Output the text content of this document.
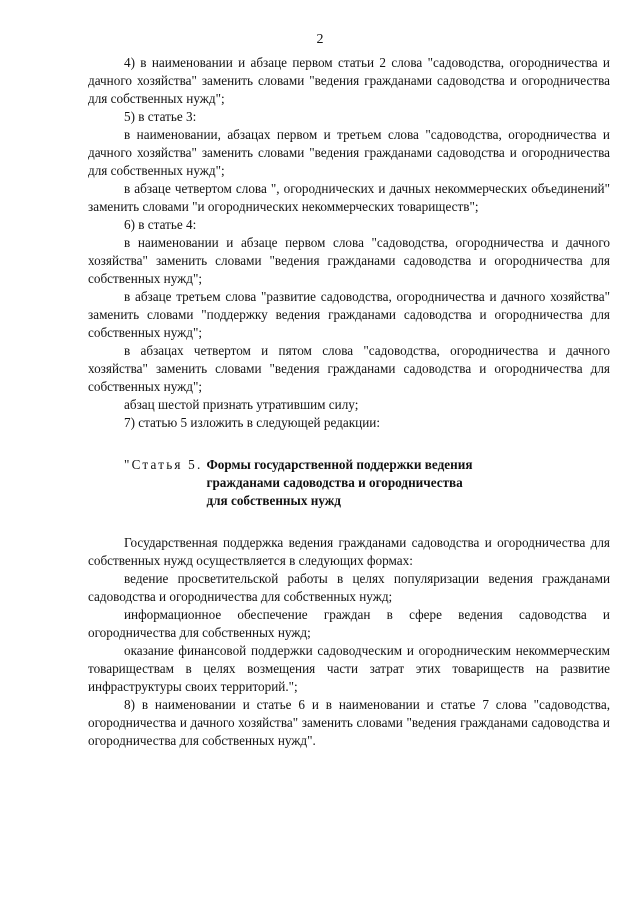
2

4) в наименовании и абзаце первом статьи 2 слова "садоводства, огородничества и дачного хозяйства" заменить словами "ведения гражданами садоводства и огородничества для собственных нужд";

5) в статье 3:

в наименовании, абзацах первом и третьем слова "садоводства, огородничества и дачного хозяйства" заменить словами "ведения гражданами садоводства и огородничества для собственных нужд";

в абзаце четвертом слова ", огороднических и дачных некоммерческих объединений" заменить словами "и огороднических некоммерческих товариществ";

6) в статье 4:

в наименовании и абзаце первом слова "садоводства, огородничества и дачного хозяйства" заменить словами "ведения гражданами садоводства и огородничества для собственных нужд";

в абзаце третьем слова "развитие садоводства, огородничества и дачного хозяйства" заменить словами "поддержку ведения гражданами садоводства и огородничества для собственных нужд";

в абзацах четвертом и пятом слова "садоводства, огородничества и дачного хозяйства" заменить словами "ведения гражданами садоводства и огородничества для собственных нужд";

абзац шестой признать утратившим силу;

7) статью 5 изложить в следующей редакции:

"Статья 5. Формы государственной поддержки ведения
гражданами садоводства и огородничества
для собственных нужд

Государственная поддержка ведения гражданами садоводства и огородничества для собственных нужд осуществляется в следующих формах:

ведение просветительской работы в целях популяризации ведения гражданами садоводства и огородничества для собственных нужд;

информационное обеспечение граждан в сфере ведения садоводства и огородничества для собственных нужд;

оказание финансовой поддержки садоводческим и огородническим некоммерческим товариществам в целях возмещения части затрат этих товариществ на развитие инфраструктуры своих территорий.";

8) в наименовании и статье 6 и в наименовании и статье 7 слова "садоводства, огородничества и дачного хозяйства" заменить словами "ведения гражданами садоводства и огородничества для собственных нужд".
